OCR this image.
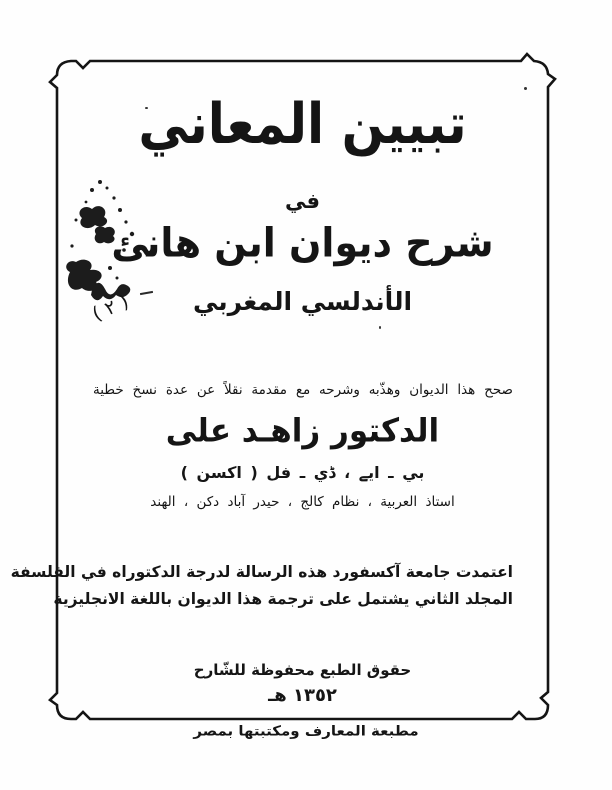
( ٢ )
تبيين المعاني
في
شرح ديوان ابن هانئ
الأندلسي المغربي
صحح هذا الديوان وهذّبه وشرحه مع مقدمة نقلاً عن عدة نسخ خطية
الدكتور زاهـد على
بي ـ ايے ، ڈي ـ فل ( اكسن )
استاذ العربية ، نظام كالج ، حيدر آباد دكن ، الهند
اعتمدت جامعة آكسفورد هذه الرسالة لدرجة الدكتوراه في الفلسفة
المجلد الثاني يشتمل على ترجمة هذا الديوان باللغة الانجليزية
حقوق الطبع محفوظة للشّارح
١٣٥٢ هـ
مطبعة المعارف ومكتبتها بمصر
